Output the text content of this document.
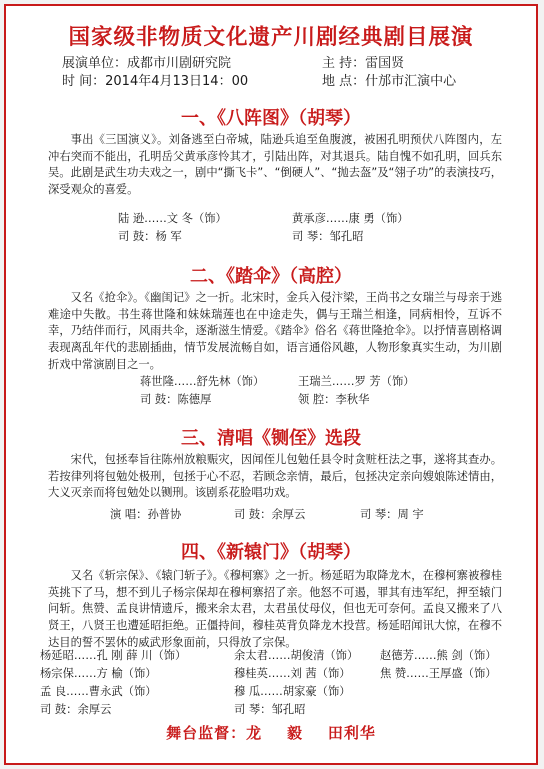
国家级非物质文化遗产川剧经典剧目展演
展演单位：成都市川剧研究院	主 持：雷国贤
时 间：2014年4月13日14：00	地 点：什邡市汇演中心
一、《八阵图》（胡琴）
事出《三国演义》。刘备逃至白帝城，陆逊兵追至鱼腹渡，被困孔明预伏八阵图内，左冲右突而不能出，孔明岳父黄承彦怜其才，引陆出阵，对其退兵。陆自愧不如孔明，回兵东吴。此剧是武生功夫戏之一，剧中“撕飞卡”、“倒硬人”、“抛去盔”及“翎子功”的表演技巧，深受观众的喜爱。
陆 逊……文 冬（饰）	黄承彦……康 勇（饰）
司 鼓：杨 军	司 琴：邹孔昭
二、《踏伞》（高腔）
又名《抢伞》。《幽闺记》之一折。北宋时，金兵入侵汴梁，王尚书之女瑞兰与母亲于逃难途中失散。书生蒋世隆和妹妹瑞莲也在中途走失，偶与王瑞兰相逢，同病相怜，互诉不幸，乃结伴而行，风雨共伞，逐渐滋生情爱。《踏伞》俗名《蒋世隆抢伞》。以抒情喜剧格调表现离乱年代的悲剧插曲，情节发展流畅自如，语言通俗风趣，人物形象真实生动，为川剧折戏中常演剧目之一。
蒋世隆……舒先林（饰）	王瑞兰……罗 芳（饰）
司 鼓：陈德厚	领 腔：李秋华
三、清唱《铡侄》选段
宋代，包拯奉旨往陈州放粮赈灾，因闻侄儿包勉任县令时贪赃枉法之事，遂将其查办。若按律列将包勉处极刑，包拯于心不忍，若顾念亲情，最后，包拯决定亲向嫂娘陈述情由，大义灭亲而将包勉处以铡刑。该剧系花脸唱功戏。
演 唱：孙普协	司 鼓：余厚云	司 琴：周 宇
四、《新辕门》（胡琴）
又名《斩宗保》、《辕门斩子》。《穆柯寨》之一折。杨延昭为取降龙木，在穆柯寨被穆桂英挑下了马，想不到儿子杨宗保却在穆柯寨招了亲。他怒不可遏，罪其有违军纪，押至辕门问斩。焦赞、孟良讲情遗斥，搬来余太君，太君虽仗母仪，但也无可奈何。孟良又搬来了八贤王，八贤王也遭延昭拒绝。正僵持间，穆桂英背负降龙木投营。杨延昭闻讯大惊，在穆不达目的誓不罢休的威武形象面前，只得放了宗保。
杨延昭……孔 刚 薛 川（饰）	余太君……胡俊清（饰） 赵德芳……熊 剑（饰）
杨宗保……方 榆（饰）	穆桂英……刘 茜（饰）	焦 赞……王厚盛（饰）
孟 良……曹永武（饰）	穆 瓜……胡家豪（饰）
司 鼓：余厚云	司 琴：邹孔昭
舞台监督：龙    毅    田利华
